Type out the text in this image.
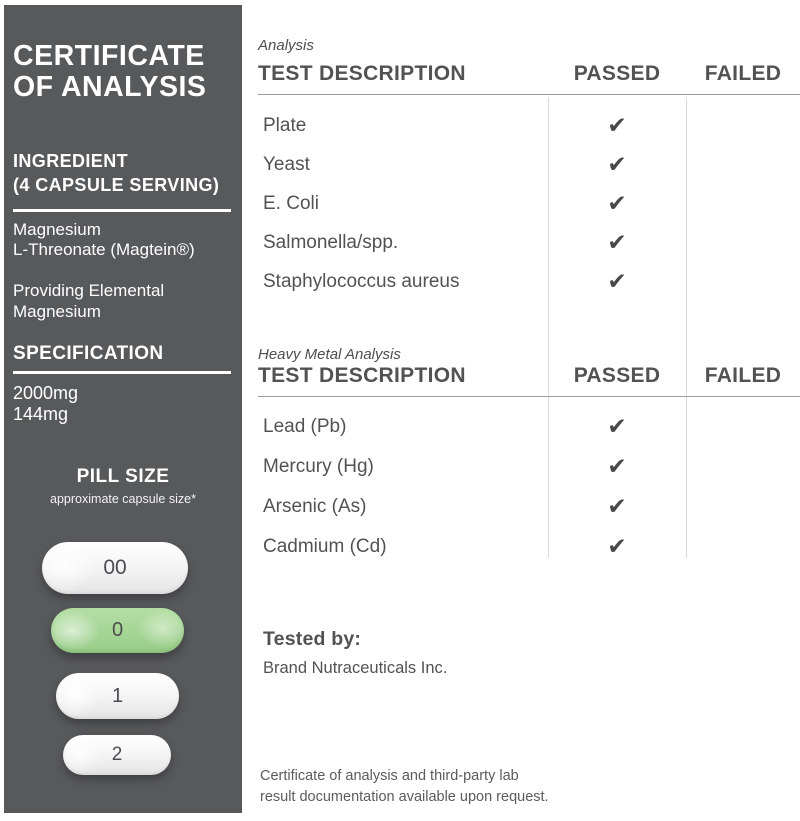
CERTIFICATE
OF ANALYSIS
INGREDIENT
(4 CAPSULE SERVING)
Magnesium
L-Threonate (Magtein®)
Providing Elemental
Magnesium
SPECIFICATION
2000mg
144mg
PILL SIZE
approximate capsule size*
00
0
1
2
Analysis
TEST DESCRIPTION	PASSED	FAILED
Plate	✔
Yeast	✔
E. Coli	✔
Salmonella/spp.	✔
Staphylococcus aureus	✔
Heavy Metal Analysis
TEST DESCRIPTION	PASSED	FAILED
Lead (Pb)	✔
Mercury (Hg)	✔
Arsenic (As)	✔
Cadmium (Cd)	✔
Tested by:
Brand Nutraceuticals Inc.
Certificate of analysis and third-party lab
result documentation available upon request.
